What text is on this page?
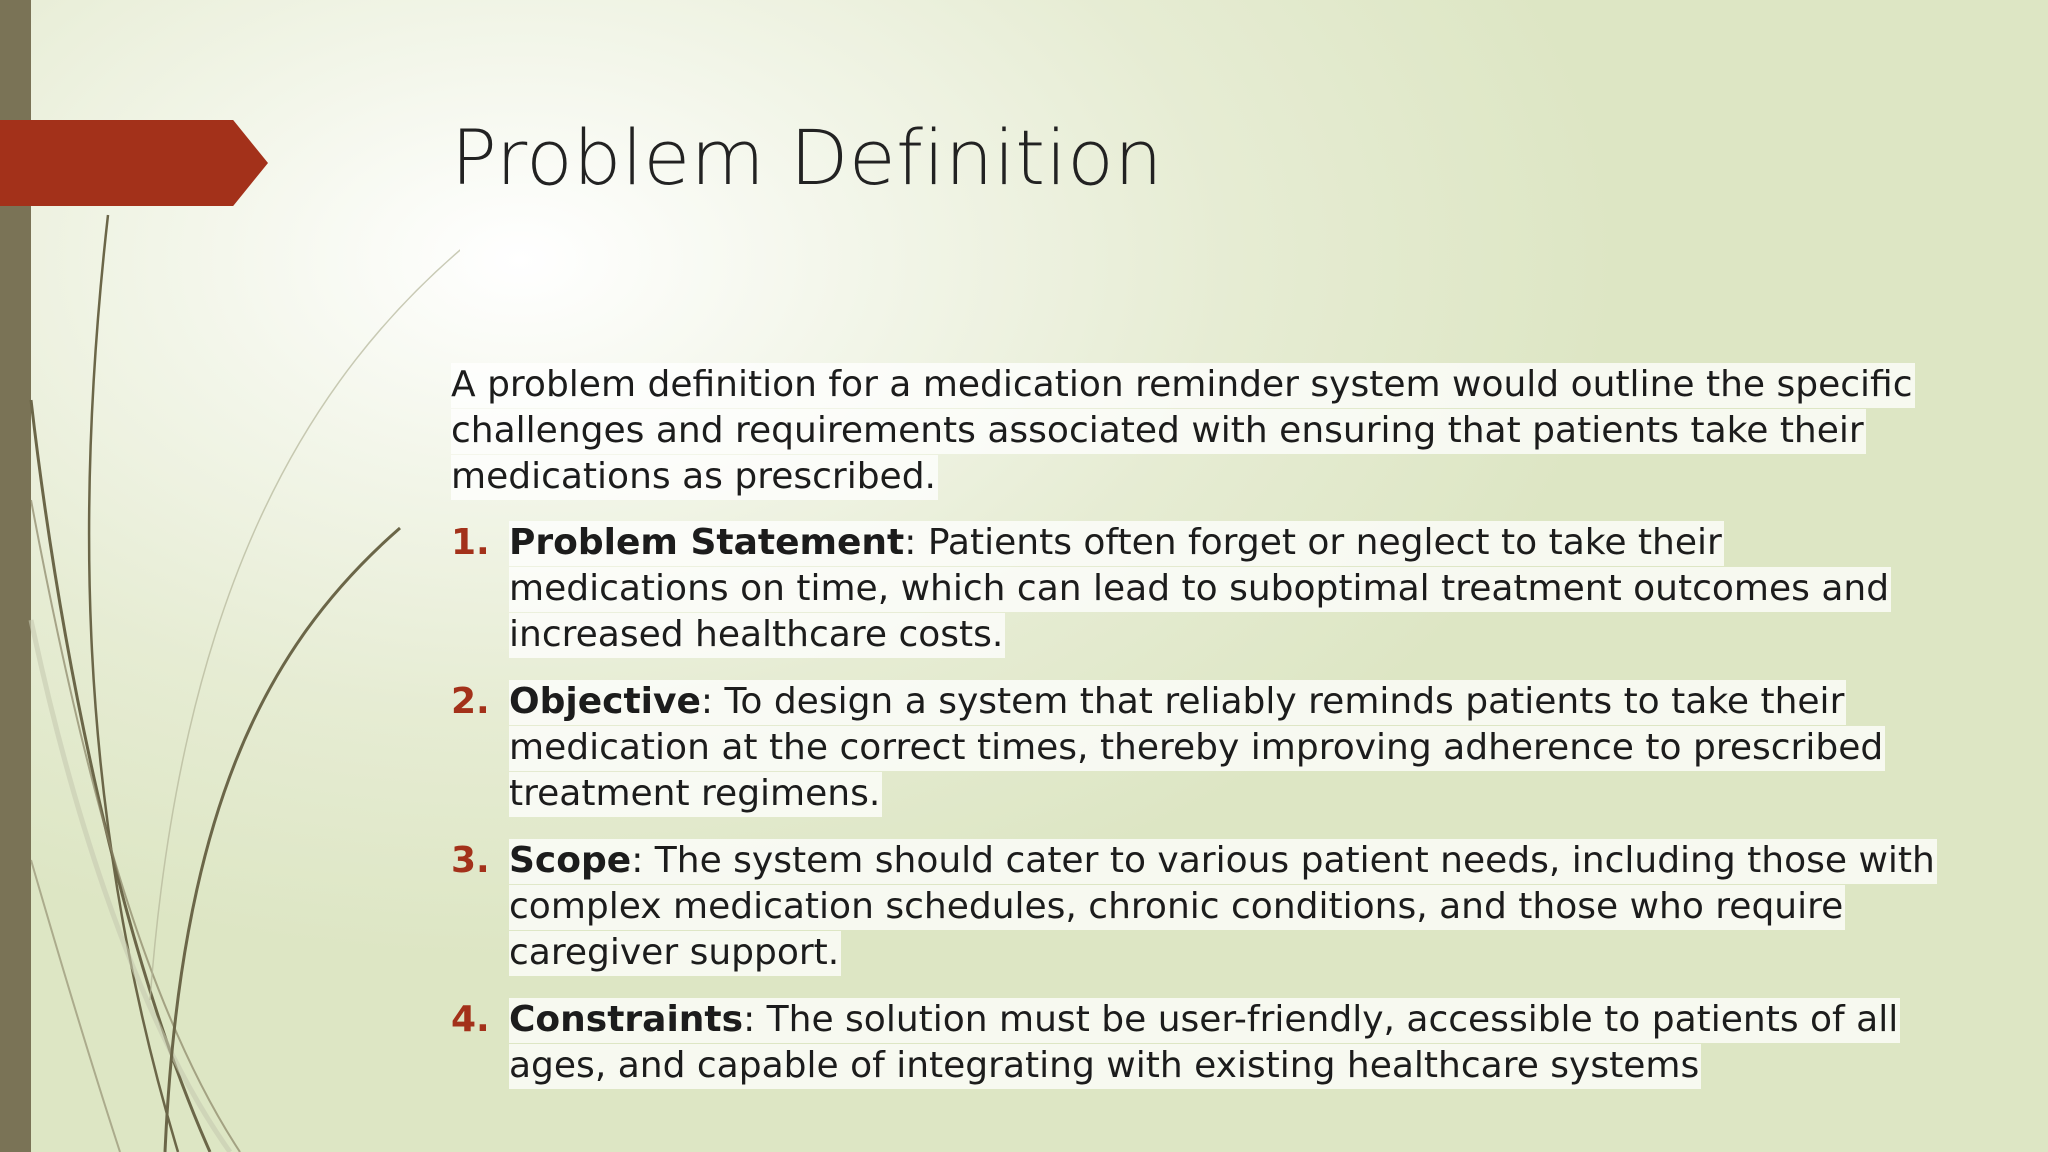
Problem Definition

A problem definition for a medication reminder system would outline the specific challenges and requirements associated with ensuring that patients take their medications as prescribed.

1. Problem Statement: Patients often forget or neglect to take their medications on time, which can lead to suboptimal treatment outcomes and increased healthcare costs.
2. Objective: To design a system that reliably reminds patients to take their medication at the correct times, thereby improving adherence to prescribed treatment regimens.
3. Scope: The system should cater to various patient needs, including those with complex medication schedules, chronic conditions, and those who require caregiver support.
4. Constraints: The solution must be user-friendly, accessible to patients of all ages, and capable of integrating with existing healthcare systems
